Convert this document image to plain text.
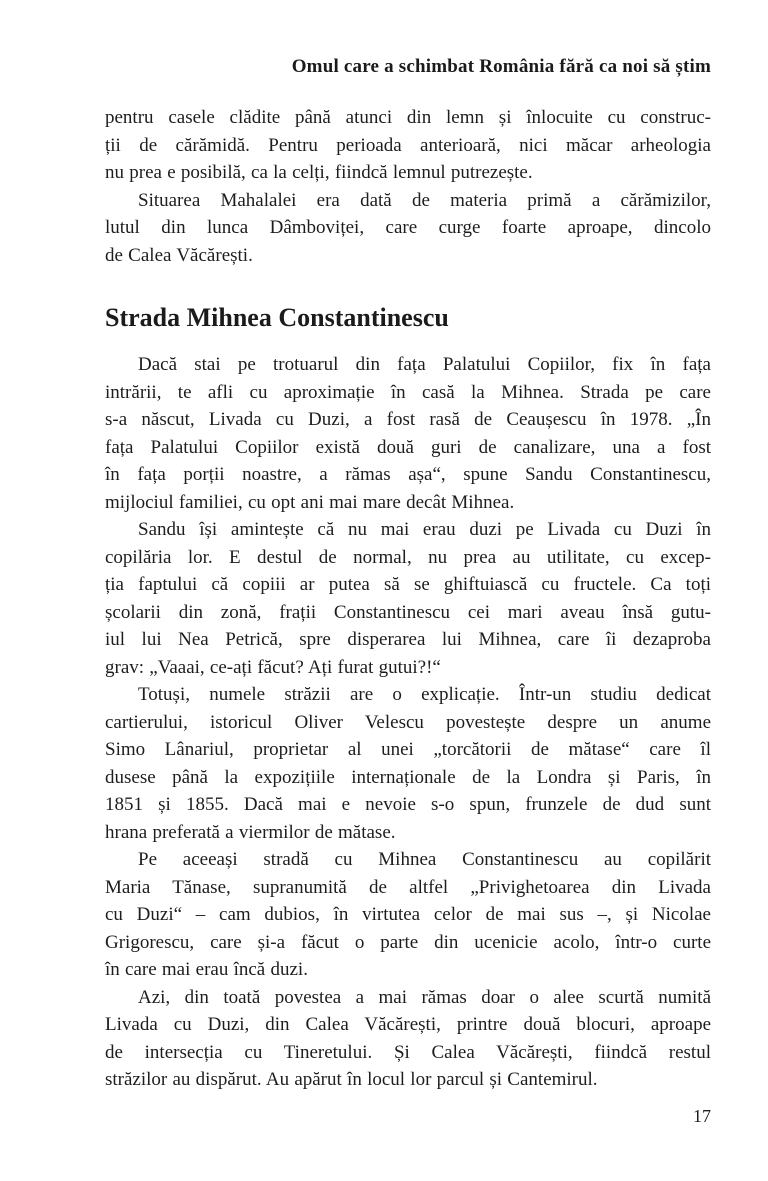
Omul care a schimbat România fără ca noi să știm
pentru casele clădite până atunci din lemn și înlocuite cu construc-
ții de cărămidă. Pentru perioada anterioară, nici măcar arheologia
nu prea e posibilă, ca la celți, fiindcă lemnul putrezește.
Situarea Mahalalei era dată de materia primă a cărămizilor,
lutul din lunca Dâmboviței, care curge foarte aproape, dincolo
de Calea Văcărești.
Strada Mihnea Constantinescu
Dacă stai pe trotuarul din fața Palatului Copiilor, fix în fața
intrării, te afli cu aproximație în casă la Mihnea. Strada pe care
s-a născut, Livada cu Duzi, a fost rasă de Ceaușescu în 1978. „În
fața Palatului Copiilor există două guri de canalizare, una a fost
în fața porții noastre, a rămas așa“, spune Sandu Constantinescu,
mijlociul familiei, cu opt ani mai mare decât Mihnea.
Sandu își amintește că nu mai erau duzi pe Livada cu Duzi în
copilăria lor. E destul de normal, nu prea au utilitate, cu excep-
ția faptului că copiii ar putea să se ghiftuiască cu fructele. Ca toți
școlarii din zonă, frații Constantinescu cei mari aveau însă gutu-
iul lui Nea Petrică, spre disperarea lui Mihnea, care îi dezaproba
grav: „Vaaai, ce-ați făcut? Ați furat gutui?!“
Totuși, numele străzii are o explicație. Într-un studiu dedicat
cartierului, istoricul Oliver Velescu povestește despre un anume
Simo Lânariul, proprietar al unei „torcătorii de mătase“ care îl
dusese până la expozițiile internaționale de la Londra și Paris, în
1851 și 1855. Dacă mai e nevoie s-o spun, frunzele de dud sunt
hrana preferată a viermilor de mătase.
Pe aceeași stradă cu Mihnea Constantinescu au copilărit
Maria Tănase, supranumită de altfel „Privighetoarea din Livada
cu Duzi“ – cam dubios, în virtutea celor de mai sus –, și Nicolae
Grigorescu, care și-a făcut o parte din ucenicie acolo, într-o curte
în care mai erau încă duzi.
Azi, din toată povestea a mai rămas doar o alee scurtă numită
Livada cu Duzi, din Calea Văcărești, printre două blocuri, aproape
de intersecția cu Tineretului. Și Calea Văcărești, fiindcă restul
străzilor au dispărut. Au apărut în locul lor parcul și Cantemirul.
17
